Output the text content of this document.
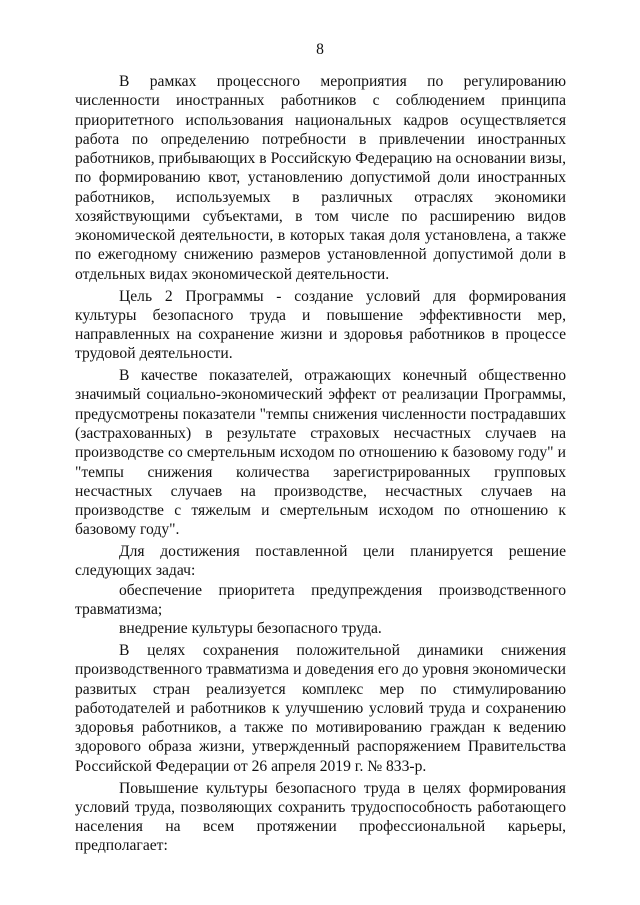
8

В рамках процессного мероприятия по регулированию численности иностранных работников с соблюдением принципа приоритетного использования национальных кадров осуществляется работа по определению потребности в привлечении иностранных работников, прибывающих в Российскую Федерацию на основании визы, по формированию квот, установлению допустимой доли иностранных работников, используемых в различных отраслях экономики хозяйствующими субъектами, в том числе по расширению видов экономической деятельности, в которых такая доля установлена, а также по ежегодному снижению размеров установленной допустимой доли в отдельных видах экономической деятельности.

Цель 2 Программы - создание условий для формирования культуры безопасного труда и повышение эффективности мер, направленных на сохранение жизни и здоровья работников в процессе трудовой деятельности.

В качестве показателей, отражающих конечный общественно значимый социально-экономический эффект от реализации Программы, предусмотрены показатели "темпы снижения численности пострадавших (застрахованных) в результате страховых несчастных случаев на производстве со смертельным исходом по отношению к базовому году" и "темпы снижения количества зарегистрированных групповых несчастных случаев на производстве, несчастных случаев на производстве с тяжелым и смертельным исходом по отношению к базовому году".

Для достижения поставленной цели планируется решение следующих задач:

обеспечение приоритета предупреждения производственного травматизма;

внедрение культуры безопасного труда.

В целях сохранения положительной динамики снижения производственного травматизма и доведения его до уровня экономически развитых стран реализуется комплекс мер по стимулированию работодателей и работников к улучшению условий труда и сохранению здоровья работников, а также по мотивированию граждан к ведению здорового образа жизни, утвержденный распоряжением Правительства Российской Федерации от 26 апреля 2019 г. № 833-р.

Повышение культуры безопасного труда в целях формирования условий труда, позволяющих сохранить трудоспособность работающего населения на всем протяжении профессиональной карьеры, предполагает:
